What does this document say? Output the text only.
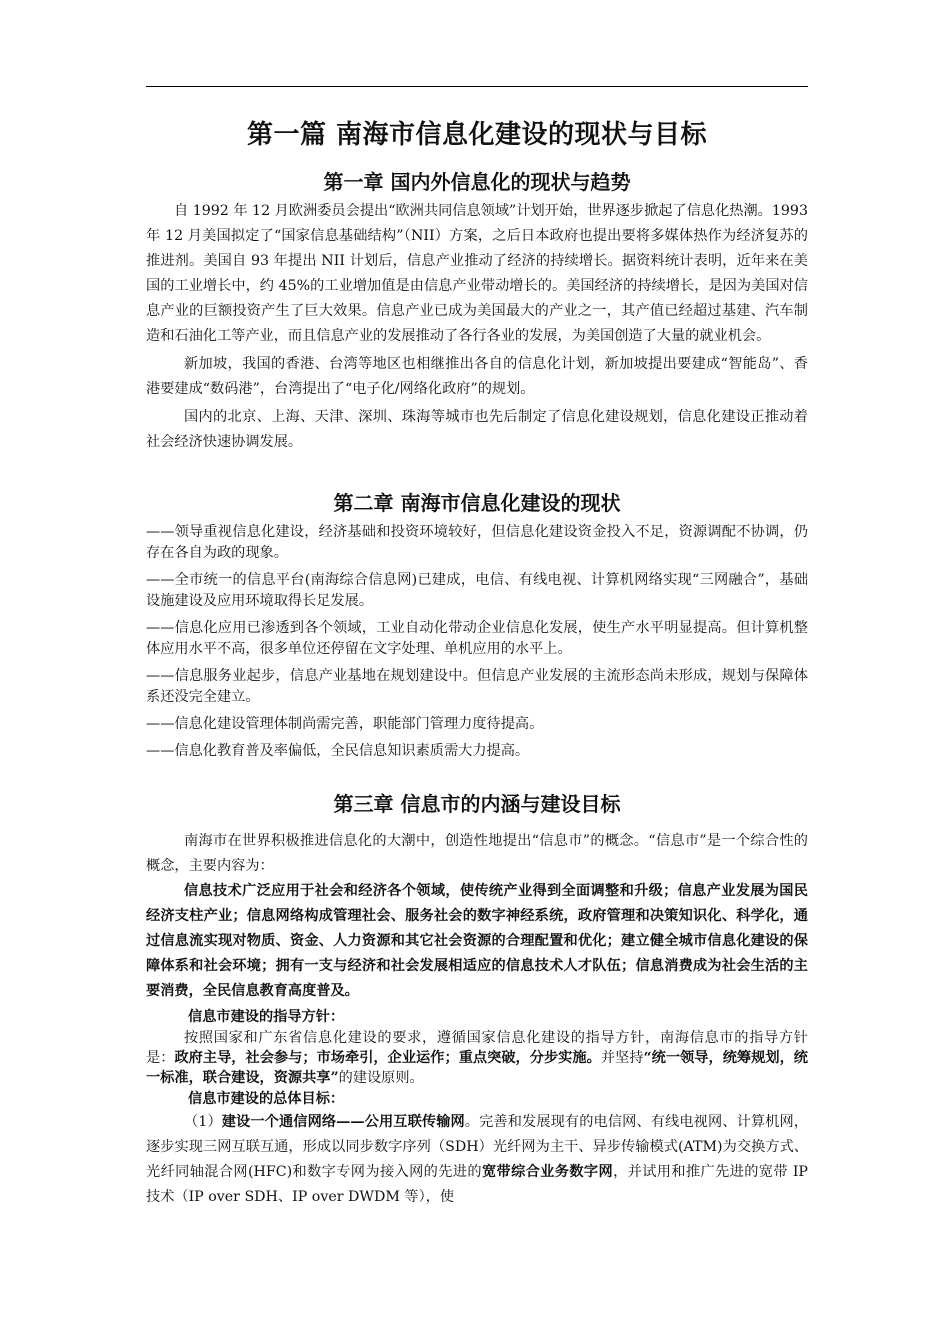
第一篇 南海市信息化建设的现状与目标
第一章 国内外信息化的现状与趋势

自 1992 年 12 月欧洲委员会提出“欧洲共同信息领域”计划开始，世界逐步掀起了信息化热潮。1993 年 12 月美国拟定了“国家信息基础结构”（NII）方案，之后日本政府也提出要将多媒体热作为经济复苏的推进剂。美国自 93 年提出 NII 计划后，信息产业推动了经济的持续增长。据资料统计表明，近年来在美国的工业增长中，约 45%的工业增加值是由信息产业带动增长的。美国经济的持续增长，是因为美国对信息产业的巨额投资产生了巨大效果。信息产业已成为美国最大的产业之一，其产值已经超过基建、汽车制造和石油化工等产业，而且信息产业的发展推动了各行各业的发展，为美国创造了大量的就业机会。

新加坡，我国的香港、台湾等地区也相继推出各自的信息化计划，新加坡提出要建成“智能岛”、香港要建成“数码港”，台湾提出了“电子化/网络化政府”的规划。

国内的北京、上海、天津、深圳、珠海等城市也先后制定了信息化建设规划，信息化建设正推动着社会经济快速协调发展。

第二章 南海市信息化建设的现状

——领导重视信息化建设，经济基础和投资环境较好，但信息化建设资金投入不足，资源调配不协调，仍存在各自为政的现象。

——全市统一的信息平台(南海综合信息网)已建成，电信、有线电视、计算机网络实现“三网融合”，基础设施建设及应用环境取得长足发展。

——信息化应用已渗透到各个领域，工业自动化带动企业信息化发展，使生产水平明显提高。但计算机整体应用水平不高，很多单位还停留在文字处理、单机应用的水平上。

——信息服务业起步，信息产业基地在规划建设中。但信息产业发展的主流形态尚未形成，规划与保障体系还没完全建立。

——信息化建设管理体制尚需完善，职能部门管理力度待提高。

——信息化教育普及率偏低，全民信息知识素质需大力提高。

第三章 信息市的内涵与建设目标

南海市在世界积极推进信息化的大潮中，创造性地提出“信息市”的概念。“信息市”是一个综合性的概念，主要内容为：

信息技术广泛应用于社会和经济各个领域，使传统产业得到全面调整和升级；信息产业发展为国民经济支柱产业；信息网络构成管理社会、服务社会的数字神经系统，政府管理和决策知识化、科学化，通过信息流实现对物质、资金、人力资源和其它社会资源的合理配置和优化；建立健全城市信息化建设的保障体系和社会环境；拥有一支与经济和社会发展相适应的信息技术人才队伍；信息消费成为社会生活的主要消费，全民信息教育高度普及。

信息市建设的指导方针：

按照国家和广东省信息化建设的要求，遵循国家信息化建设的指导方针，南海信息市的指导方针是：政府主导，社会参与；市场牵引，企业运作；重点突破，分步实施。并坚持“统一领导，统筹规划，统一标准，联合建设，资源共享”的建设原则。

信息市建设的总体目标：

（1）建设一个通信网络——公用互联传输网。完善和发展现有的电信网、有线电视网、计算机网，逐步实现三网互联互通，形成以同步数字序列（SDH）光纤网为主干、异步传输模式(ATM)为交换方式、光纤同轴混合网(HFC)和数字专网为接入网的先进的宽带综合业务数字网，并试用和推广先进的宽带 IP 技术（IP over SDH、IP over DWDM 等），使
